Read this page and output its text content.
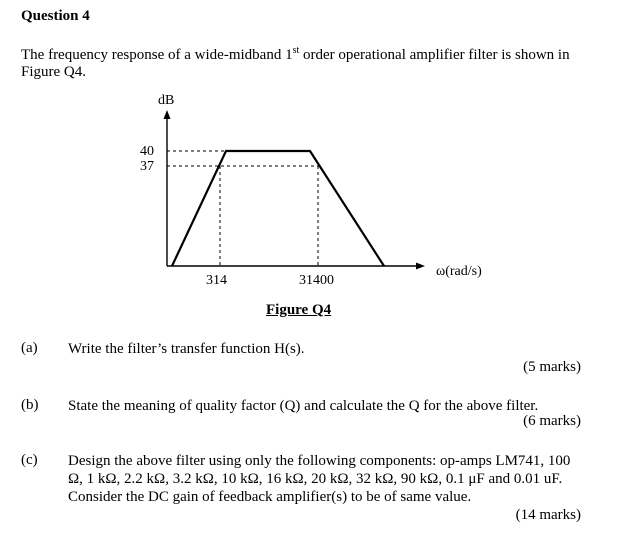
Question 4
The frequency response of a wide-midband 1st order operational amplifier filter is shown in Figure Q4.
dB
40
37
314	31400
ω(rad/s)
Figure Q4
(a) Write the filter’s transfer function H(s).
(5 marks)
(b) State the meaning of quality factor (Q) and calculate the Q for the above filter.
(6 marks)
(c) Design the above filter using only the following components: op-amps LM741, 100 Ω, 1 kΩ, 2.2 kΩ, 3.2 kΩ, 10 kΩ, 16 kΩ, 20 kΩ, 32 kΩ, 90 kΩ, 0.1 μF and 0.01 uF. Consider the DC gain of feedback amplifier(s) to be of same value.
(14 marks)
